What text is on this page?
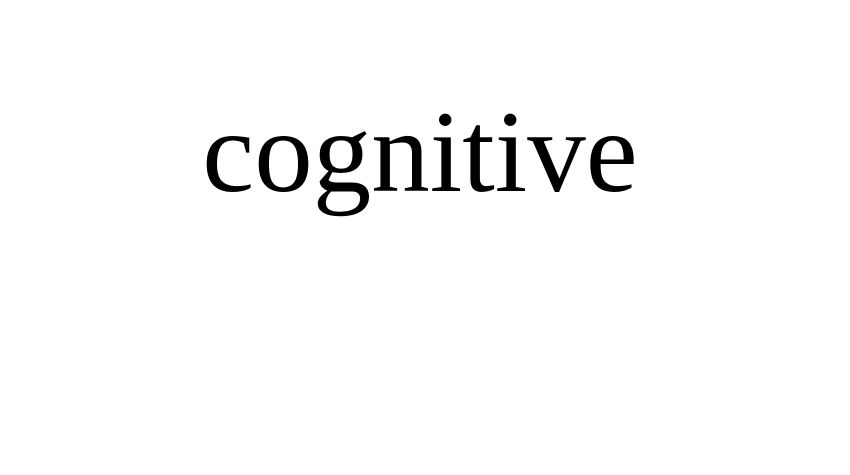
cognitive
